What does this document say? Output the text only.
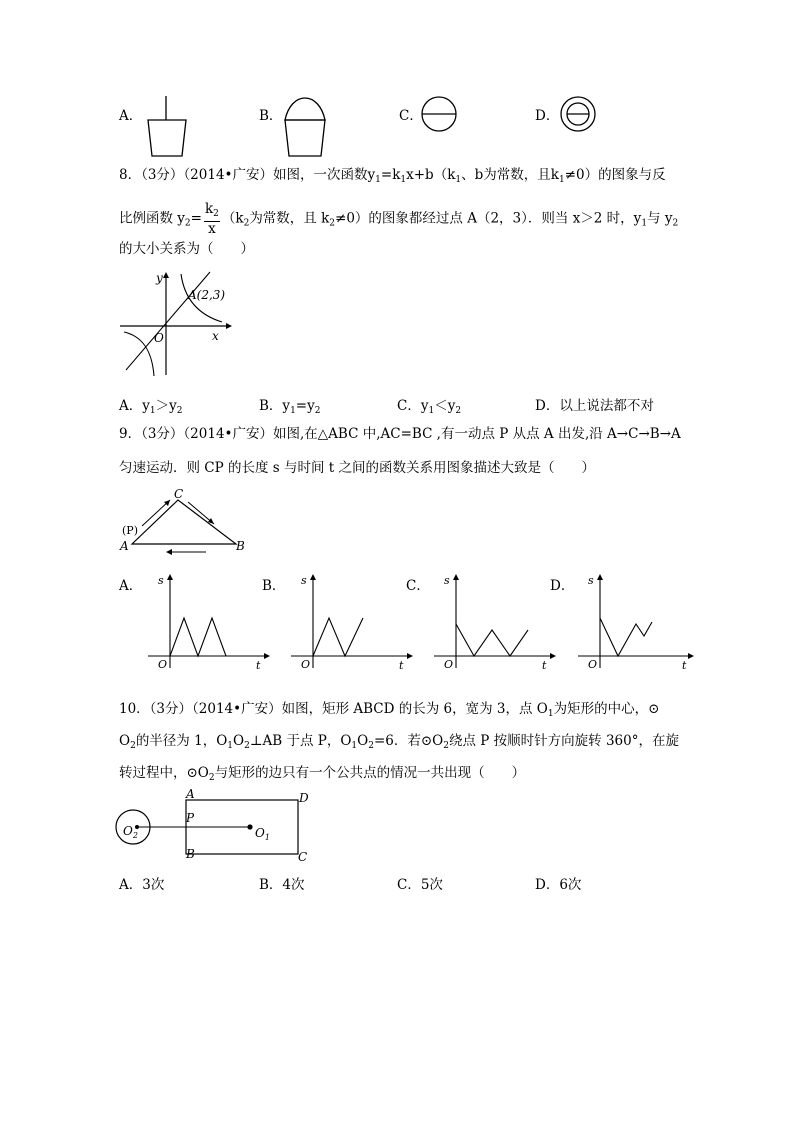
A．	B．	C．	D．
8．（3分）（2014•广安）如图，一次函数$y_1=k_1x+b(k_1$、b为常数，且$k_1\ne 0$）的图象与反
比例函数 $y_2= \frac{k_2}{x} (k_2$为常数，且 $k_2\ne 0$）的图象都经过点 A（2，3）．则当 x＞2 时，$y_1$与 $y_2$
的大小关系为（　　）
y
A(2,3)
O	x
A．$y_1>y_2$	B．$y_1=y_2$	C．$y_1<y_2$	D．以上说法都不对
9．（3分）（2014•广安）如图,在△ABC 中,AC=BC ,有一动点 P 从点 A 出发,沿 A→C→B→A
匀速运动．则 CP 的长度 s 与时间 t 之间的函数关系用图象描述大致是（　　）
C
(P)
A	B
A． s
O	t
B． s
O	t
C． s
O	t
D． s
O	t
10．（3分）（2014•广安）如图，矩形 ABCD 的长为 6，宽为 3，点 $O_1$为矩形的中心，⊙
$O_2$的半径为 1，$O_1O_2\perp AB$ 于点 P，$O_1O_2=6$．若$⊙O_2$绕点 P 按顺时针方向旋转 360°，在旋
转过程中，$⊙O_2$与矩形的边只有一个公共点的情况一共出现（　　）
A	D
P
B	C
$O_1$
$O_2$
A．3次	B．4次	C．5次	D．6次
